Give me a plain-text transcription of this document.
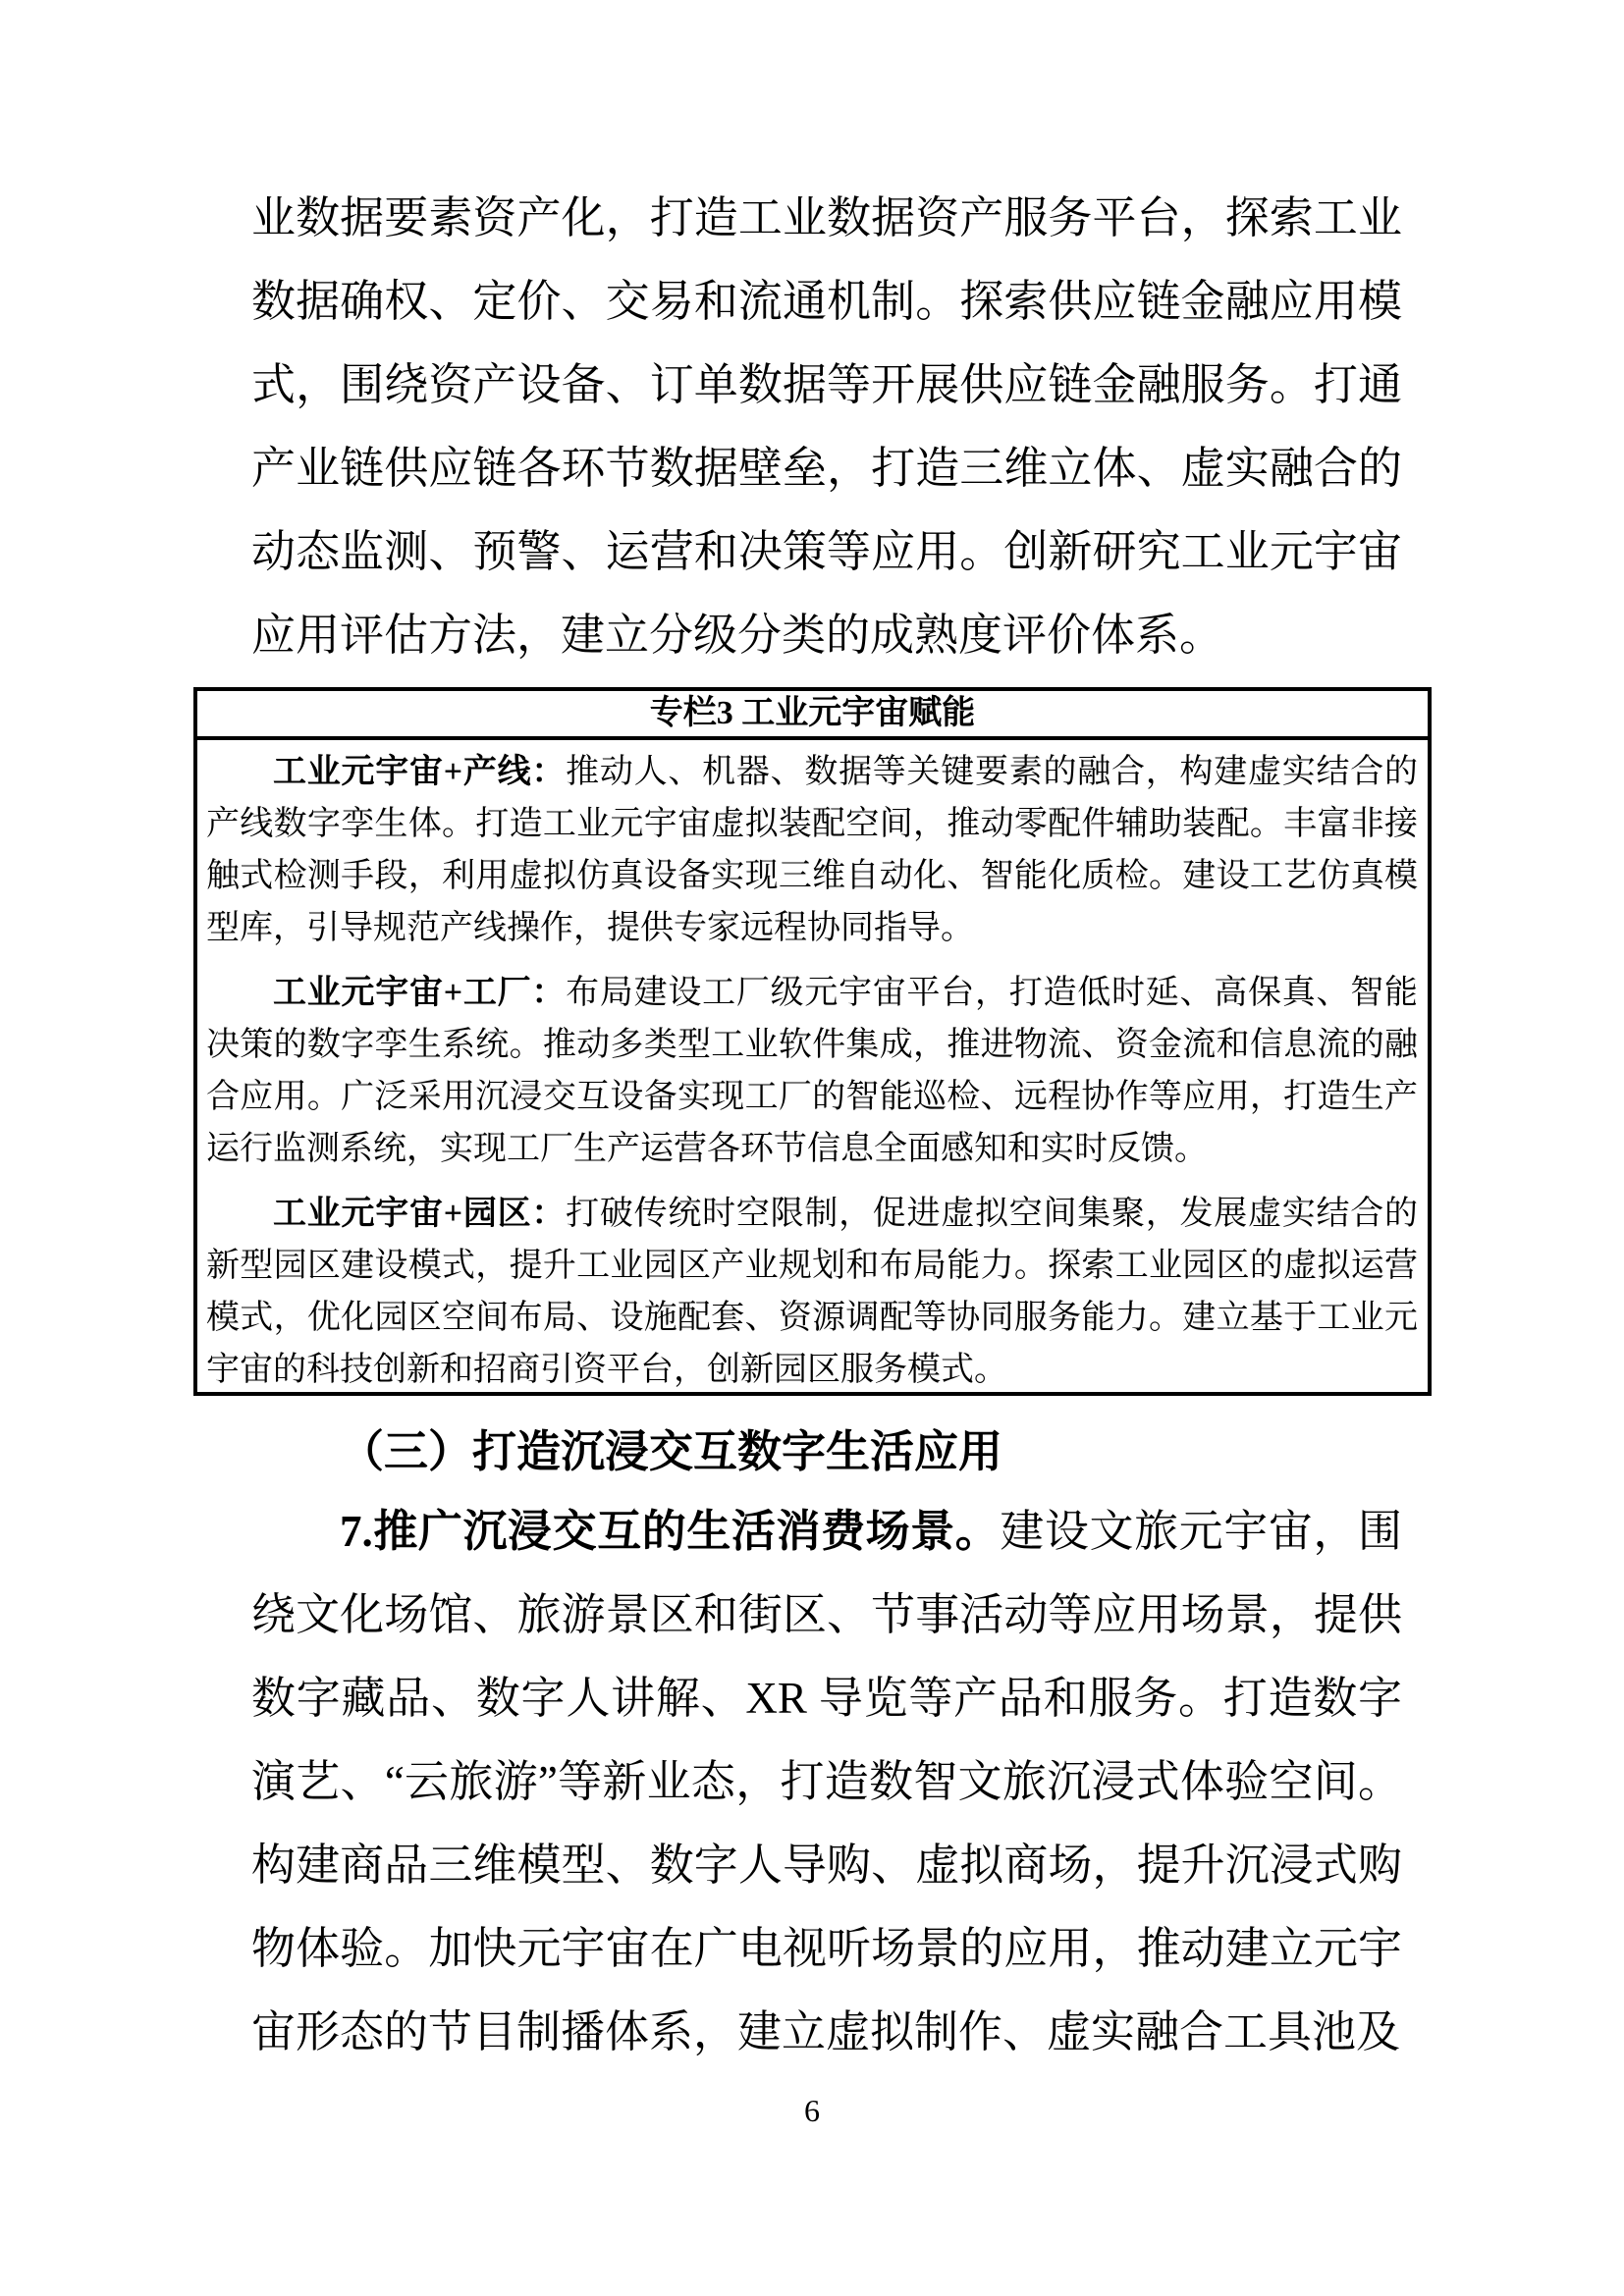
业数据要素资产化，打造工业数据资产服务平台，探索工业数据确权、定价、交易和流通机制。探索供应链金融应用模式，围绕资产设备、订单数据等开展供应链金融服务。打通产业链供应链各环节数据壁垒，打造三维立体、虚实融合的动态监测、预警、运营和决策等应用。创新研究工业元宇宙应用评估方法，建立分级分类的成熟度评价体系。

专栏3 工业元宇宙赋能

工业元宇宙+产线：推动人、机器、数据等关键要素的融合，构建虚实结合的产线数字孪生体。打造工业元宇宙虚拟装配空间，推动零配件辅助装配。丰富非接触式检测手段，利用虚拟仿真设备实现三维自动化、智能化质检。建设工艺仿真模型库，引导规范产线操作，提供专家远程协同指导。

工业元宇宙+工厂：布局建设工厂级元宇宙平台，打造低时延、高保真、智能决策的数字孪生系统。推动多类型工业软件集成，推进物流、资金流和信息流的融合应用。广泛采用沉浸交互设备实现工厂的智能巡检、远程协作等应用，打造生产运行监测系统，实现工厂生产运营各环节信息全面感知和实时反馈。

工业元宇宙+园区：打破传统时空限制，促进虚拟空间集聚，发展虚实结合的新型园区建设模式，提升工业园区产业规划和布局能力。探索工业园区的虚拟运营模式，优化园区空间布局、设施配套、资源调配等协同服务能力。建立基于工业元宇宙的科技创新和招商引资平台，创新园区服务模式。

（三）打造沉浸交互数字生活应用

7.推广沉浸交互的生活消费场景。建设文旅元宇宙，围绕文化场馆、旅游景区和街区、节事活动等应用场景，提供数字藏品、数字人讲解、XR 导览等产品和服务。打造数字演艺、“云旅游”等新业态，打造数智文旅沉浸式体验空间。构建商品三维模型、数字人导购、虚拟商场，提升沉浸式购物体验。加快元宇宙在广电视听场景的应用，推动建立元宇宙形态的节目制播体系，建立虚拟制作、虚实融合工具池及

6
